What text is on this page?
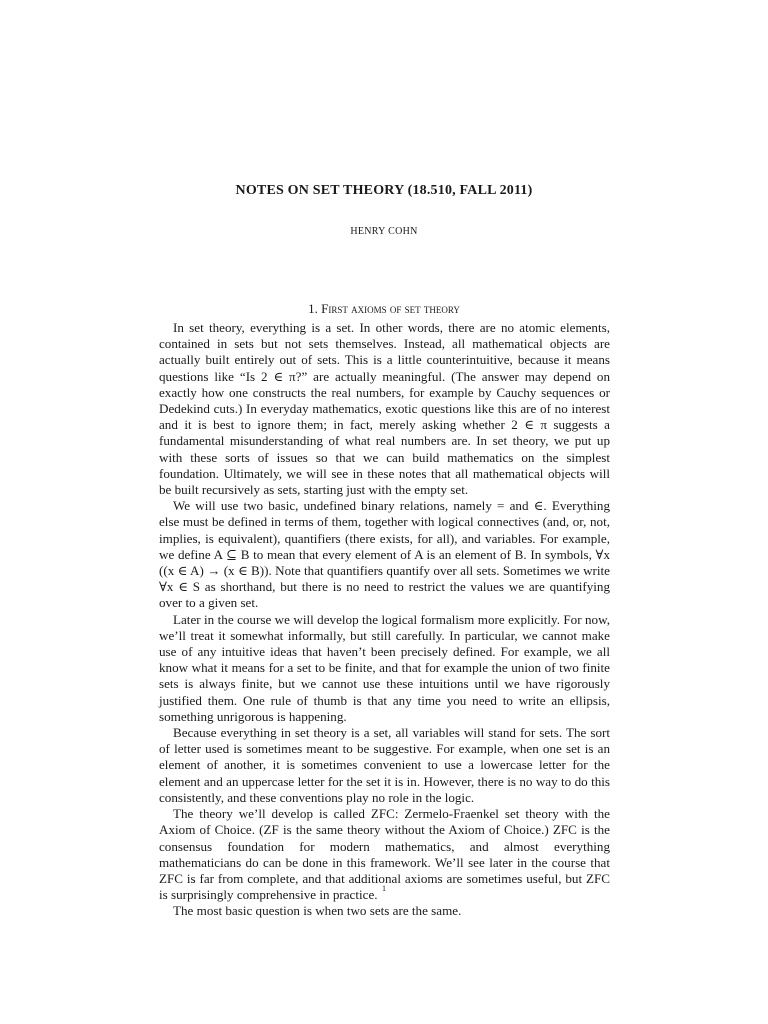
NOTES ON SET THEORY (18.510, FALL 2011)
HENRY COHN
1. First axioms of set theory

In set theory, everything is a set. In other words, there are no atomic elements, contained in sets but not sets themselves. Instead, all mathematical objects are actually built entirely out of sets. This is a little counterintuitive, because it means questions like “Is 2 ∈ π?” are actually meaningful. (The answer may depend on exactly how one constructs the real numbers, for example by Cauchy sequences or Dedekind cuts.) In everyday mathematics, exotic questions like this are of no interest and it is best to ignore them; in fact, merely asking whether 2 ∈ π suggests a fundamental misunderstanding of what real numbers are. In set theory, we put up with these sorts of issues so that we can build mathematics on the simplest foundation. Ultimately, we will see in these notes that all mathematical objects will be built recursively as sets, starting just with the empty set.

We will use two basic, undefined binary relations, namely = and ∈. Everything else must be defined in terms of them, together with logical connectives (and, or, not, implies, is equivalent), quantifiers (there exists, for all), and variables. For example, we define A ⊆ B to mean that every element of A is an element of B. In symbols, ∀x ((x ∈ A) → (x ∈ B)). Note that quantifiers quantify over all sets. Sometimes we write ∀x ∈ S as shorthand, but there is no need to restrict the values we are quantifying over to a given set.

Later in the course we will develop the logical formalism more explicitly. For now, we’ll treat it somewhat informally, but still carefully. In particular, we cannot make use of any intuitive ideas that haven’t been precisely defined. For example, we all know what it means for a set to be finite, and that for example the union of two finite sets is always finite, but we cannot use these intuitions until we have rigorously justified them. One rule of thumb is that any time you need to write an ellipsis, something unrigorous is happening.

Because everything in set theory is a set, all variables will stand for sets. The sort of letter used is sometimes meant to be suggestive. For example, when one set is an element of another, it is sometimes convenient to use a lowercase letter for the element and an uppercase letter for the set it is in. However, there is no way to do this consistently, and these conventions play no role in the logic.

The theory we’ll develop is called ZFC: Zermelo-Fraenkel set theory with the Axiom of Choice. (ZF is the same theory without the Axiom of Choice.) ZFC is the consensus foundation for modern mathematics, and almost everything mathematicians do can be done in this framework. We’ll see later in the course that ZFC is far from complete, and that additional axioms are sometimes useful, but ZFC is surprisingly comprehensive in practice.

The most basic question is when two sets are the same.

1
